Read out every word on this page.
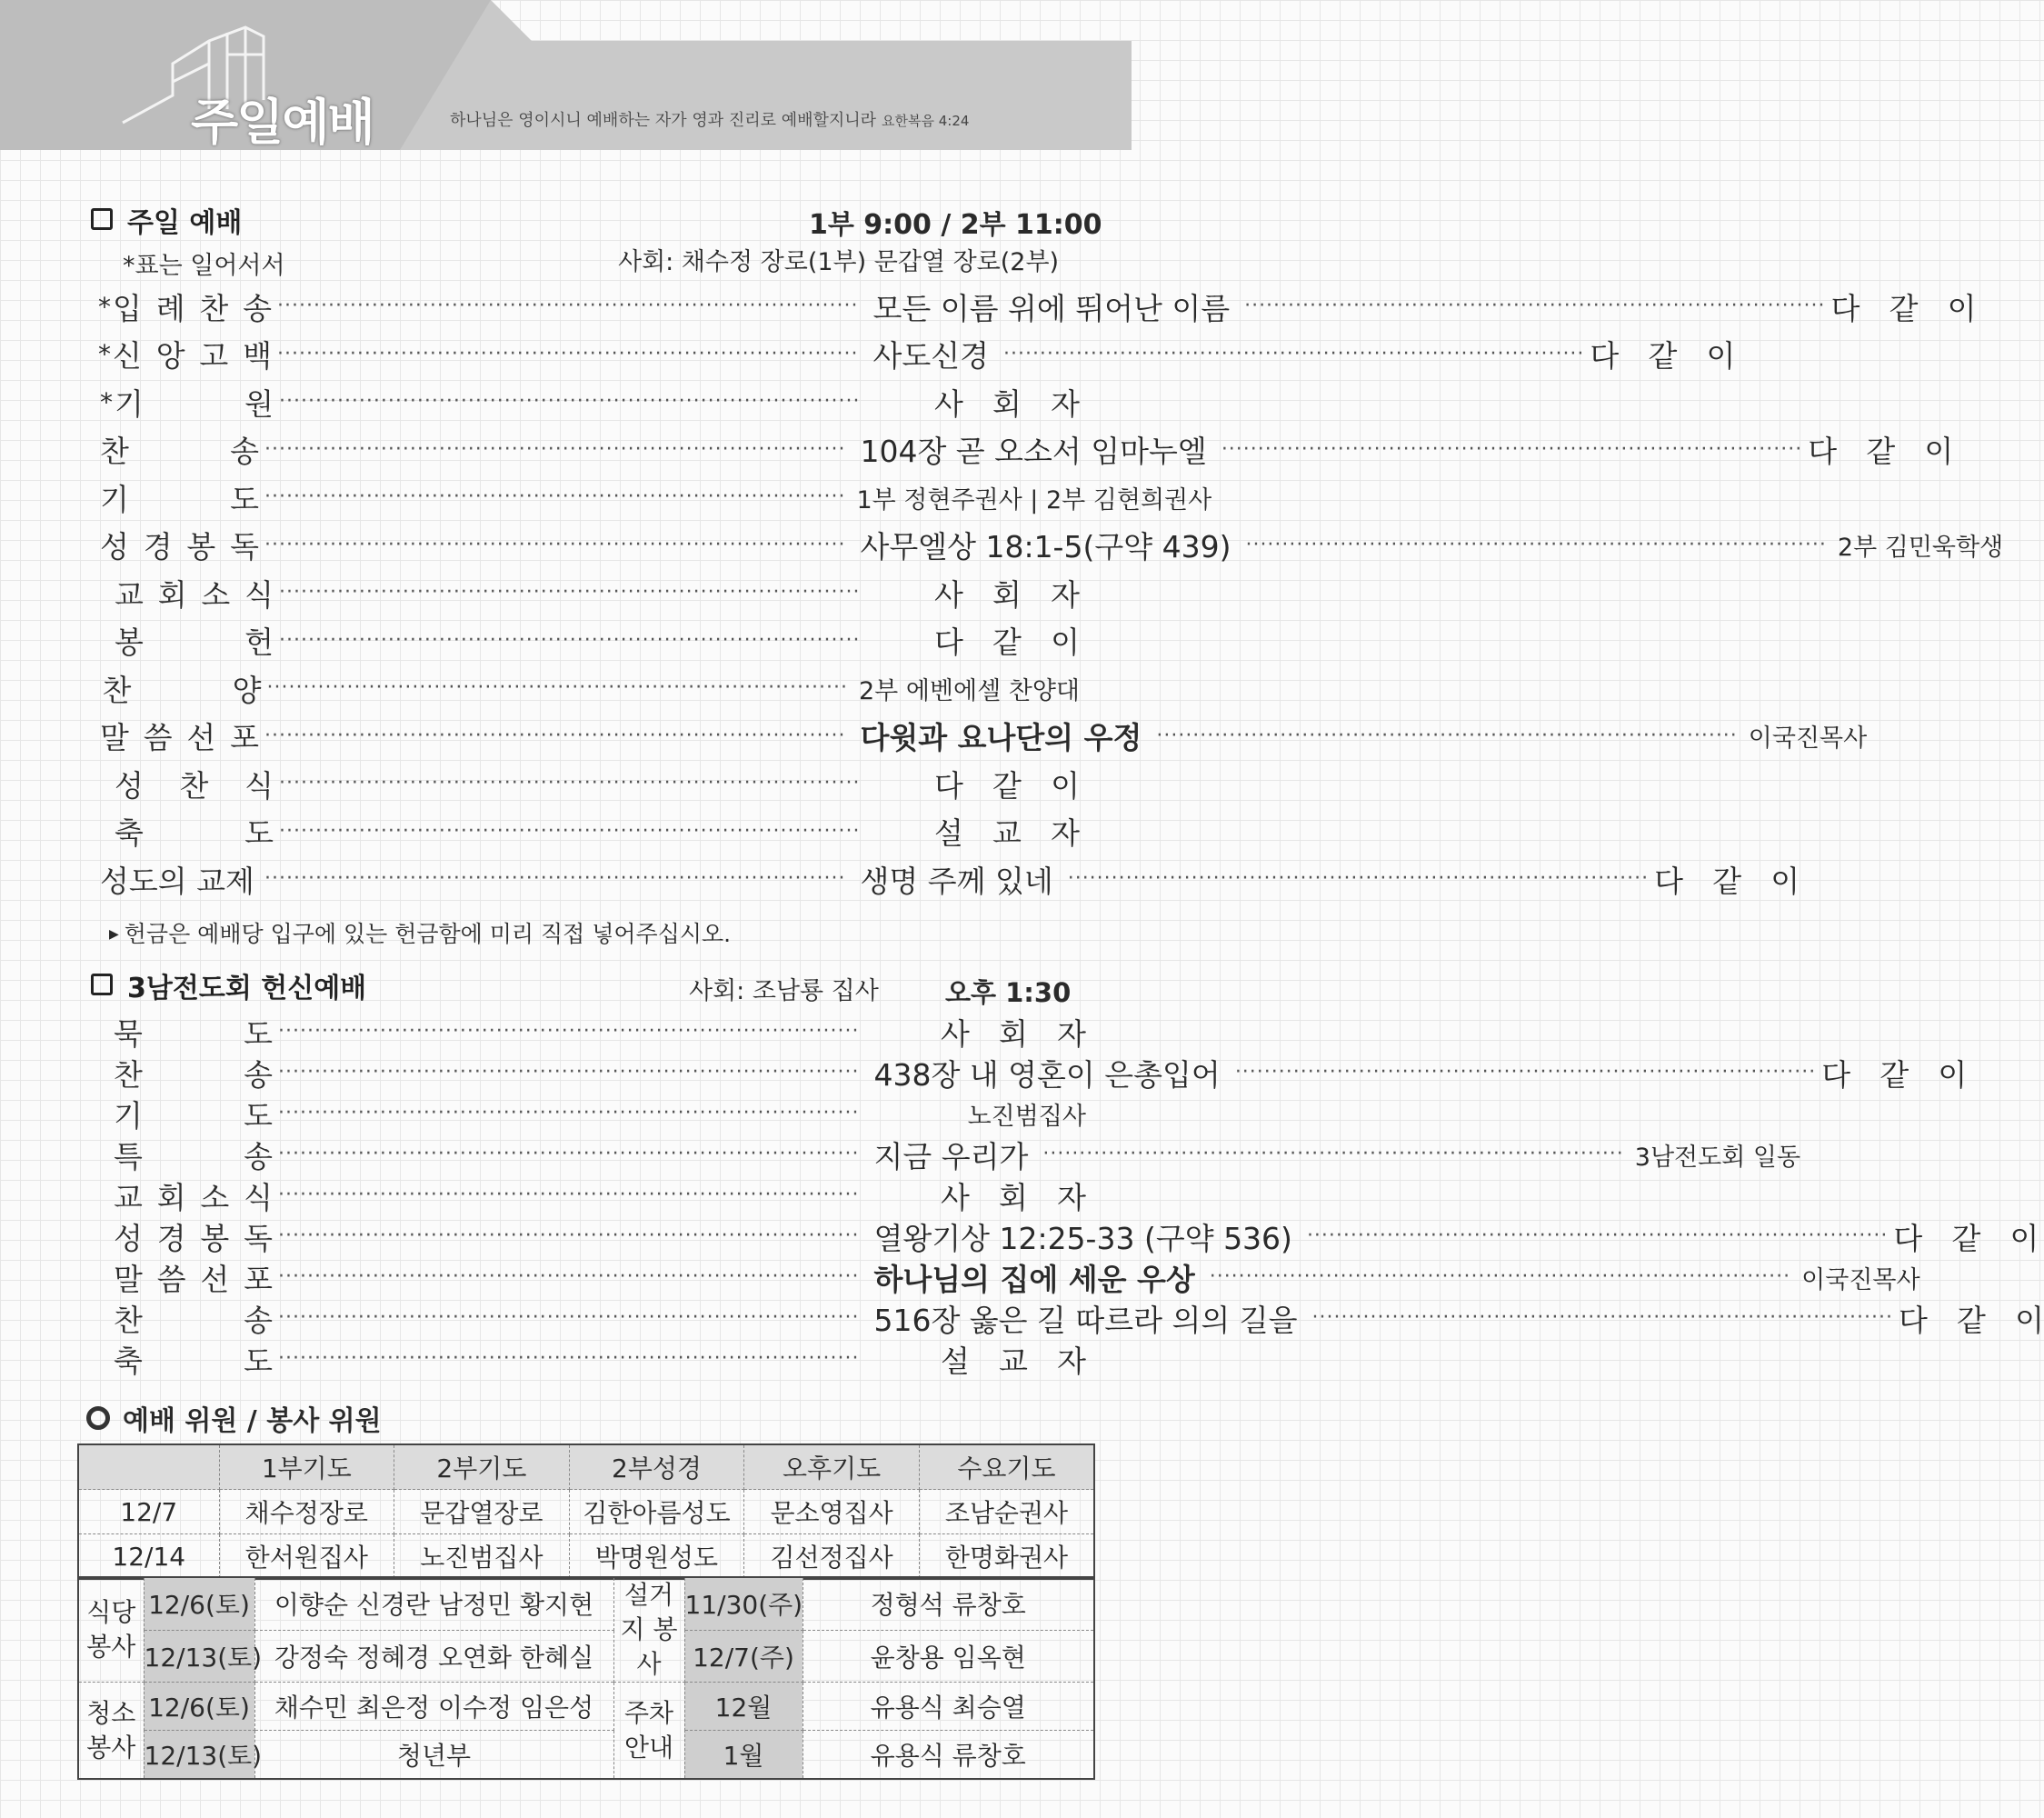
주일예배	하나님은 영이시니 예배하는 자가 영과 진리로 예배할지니라 요한복음 4:24
주일 예배	1부 9:00 / 2부 11:00
*표는 일어서서	사회: 채수정 장로(1부) 문갑열 장로(2부)
* 입 례 찬 송 ················································································ 모든 이름 위에 뛰어난 이름 ················································································ 다 같 이
* 신 앙 고 백 ················································································ 사도신경 ················································································ 다 같 이
* 기	원 ················································································	사 회 자
찬	송 ················································································ 104장 곧 오소서 임마누엘 ················································································ 다 같 이
기	도 ················································································ 1부 정현주권사 | 2부 김현희권사
성 경 봉 독 ················································································ 사무엘상 18:1-5(구약 439) ················································································ 2부 김민욱학생
교 회 소 식 ················································································	사 회 자
봉	헌 ················································································	다 같 이
찬	양 ················································································ 2부 에벤에셀 찬양대
말 씀 선 포 ················································································ 다윗과 요나단의 우정 ················································································ 이국진목사
성 찬 식 ················································································	다 같 이
축	도 ················································································	설 교 자
성도의 교제 ················································································ 생명 주께 있네 ················································································ 다 같 이
▶ 헌금은 예배당 입구에 있는 헌금함에 미리 직접 넣어주십시오.
3남전도회 헌신예배	사회: 조남룡 집사	오후 1:30
묵	도 ················································································	사 회 자
찬	송 ················································································ 438장 내 영혼이 은총입어 ················································································ 다 같 이
기	도 ················································································	노진범집사
특	송 ················································································ 지금 우리가 ················································································ 3남전도회 일동
교 회 소 식 ················································································	사 회 자
성 경 봉 독 ················································································ 열왕기상 12:25-33 (구약 536) ················································································ 다 같 이
말 씀 선 포 ················································································ 하나님의 집에 세운 우상 ················································································ 이국진목사
찬	송 ················································································ 516장 옳은 길 따르라 의의 길을 ················································································ 다 같 이
축	도 ················································································	설 교 자
예배 위원 / 봉사 위원
	1부기도	2부기도	2부성경	오후기도	수요기도
12/7	채수정장로	문갑열장로	김한아름성도	문소영집사	조남순권사
12/14	한서원집사	노진범집사	박명원성도	김선정집사	한명화권사
식당 봉사	12/6(토)	이향순 신경란 남정민 황지현	설거지 봉사	11/30(주)	정형석 류창호
	12/13(토)	강정숙 정혜경 오연화 한혜실		12/7(주)	윤창용 임옥현
청소 봉사	12/6(토)	채수민 최은정 이수정 임은성	주차 안내	12월	유용식 최승열
	12/13(토)	청년부		1월	유용식 류창호
